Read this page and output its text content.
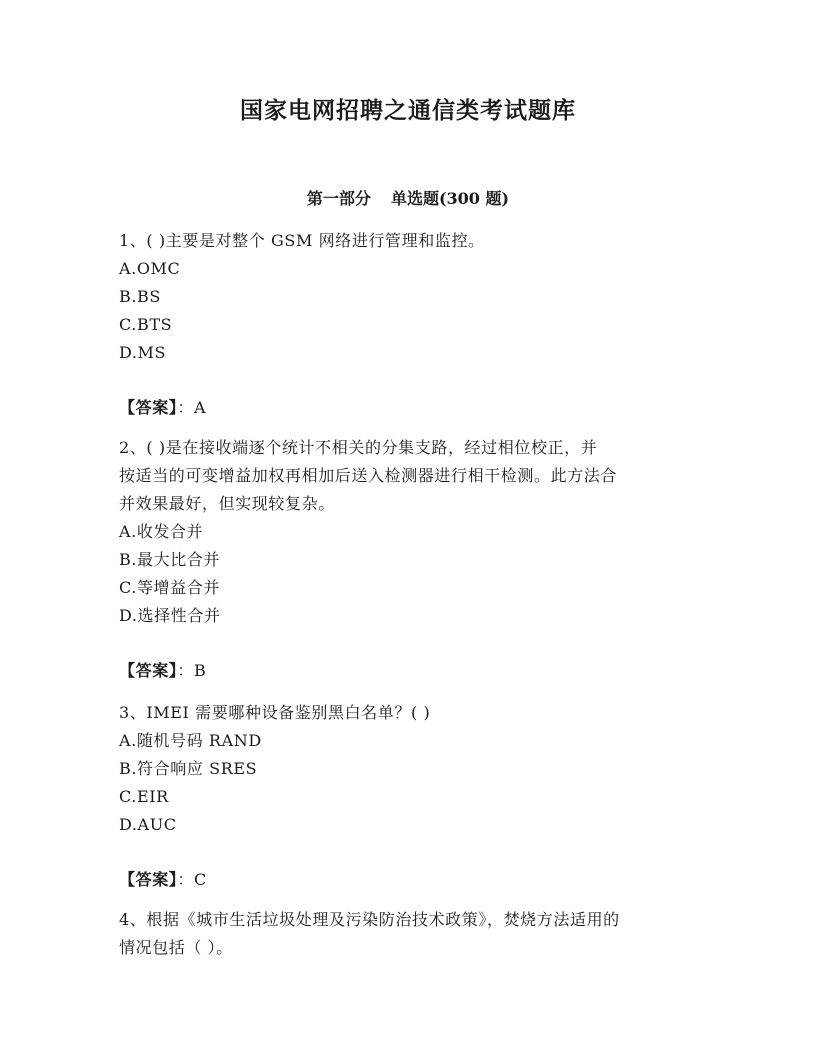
国家电网招聘之通信类考试题库
第一部分 单选题(300 题)

1、( )主要是对整个 GSM 网络进行管理和监控。

A.OMC

B.BS

C.BTS

D.MS

【答案】：A

2、( )是在接收端逐个统计不相关的分集支路，经过相位校正，并

按适当的可变增益加权再相加后送入检测器进行相干检测。此方法合

并效果最好，但实现较复杂。

A.收发合并

B.最大比合并

C.等增益合并

D.选择性合并

【答案】：B

3、IMEI 需要哪种设备鉴别黑白名单？( )

A.随机号码 RAND

B.符合响应 SRES

C.EIR

D.AUC

【答案】：C

4、根据《城市生活垃圾处理及污染防治技术政策》，焚烧方法适用的

情况包括（ ）。
